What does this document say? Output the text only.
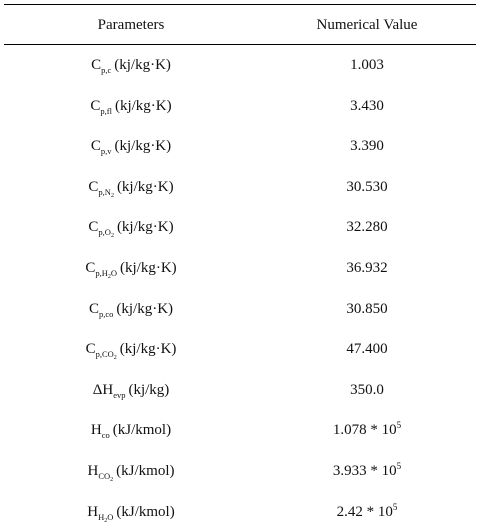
Parameters	Numerical Value
$C_{p,c}$ (kj/kg·K)	1.003
$C_{p,fl}$ (kj/kg·K)	3.430
$C_{p,v}$ (kj/kg·K)	3.390
$C_{p,N_2}(kj/kg\cdot K)$	30.530
$C_{p,O_2}(kj/kg\cdot K)$	32.280
$C_{p,H_2O}$ (kj/kg·K)	36.932
$C_{p,co}$ (kj/kg·K)	30.850
$C_{p,CO_2}(kj/kg\cdot K)$	47.400
$\Delta H_{evp}$ (kj/kg)	350.0
$H_{co}$ (kJ/kmol)	$1.078 * 10^5$
$H_{CO_2}(kJ/kmol)$	$3.933 * 10^5$
$H_{H_2O}$ (kJ/kmol)	$2.42 * 10^5$
